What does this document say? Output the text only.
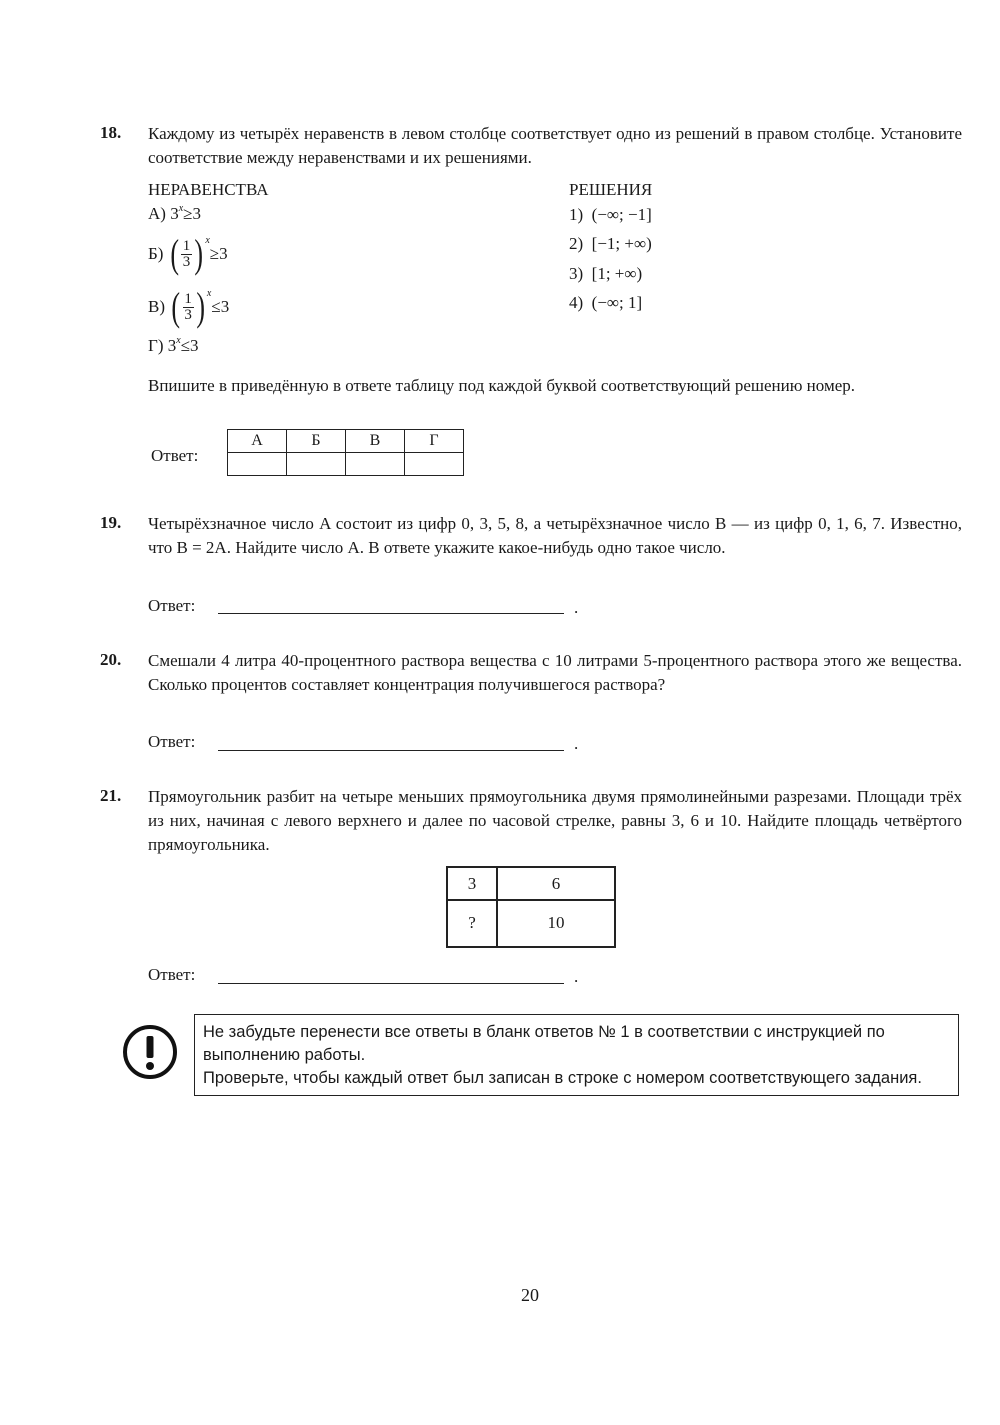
18. Каждому из четырёх неравенств в левом столбце соответствует одно из решений в правом столбце. Установите соответствие между неравенствами и их решениями.
НЕРАВЕНСТВА	РЕШЕНИЯ
А)
3 x ≥ 3
Б)
( $\frac{1}{3}$ ) x
≥ 3
В)
( $\frac{1}{3}$ ) x
≤ 3
Г)
3 x ≤ 3
1) (−∞; −1]
2) [−1; +∞)
3) [1; +∞)
4) (−∞; 1]
Впишите в приведённую в ответе таблицу под каждой буквой соответствующий решению номер.
Ответ:
А	Б	В	Г

19. Четырёхзначное число A состоит из цифр 0, 3, 5, 8, а четырёхзначное число B — из цифр 0, 1, 6, 7. Известно, что B = 2A. Найдите число A. В ответе укажите какое-нибудь одно такое число.
Ответ:	.
20. Смешали 4 литра 40-процентного раствора вещества с 10 литрами 5-процентного раствора этого же вещества. Сколько процентов составляет концентрация получившегося раствора?
Ответ:	.
21. Прямоугольник разбит на четыре меньших прямоугольника двумя прямолинейными разрезами. Площади трёх из них, начиная с левого верхнего и далее по часовой стрелке, равны 3, 6 и 10. Найдите площадь четвёртого прямоугольника.
3	6
?	10
Ответ:	.
Не забудьте перенести все ответы в бланк ответов № 1 в соответствии с инструкцией по выполнению работы.
Проверьте, чтобы каждый ответ был записан в строке с номером соответствующего задания.
20
